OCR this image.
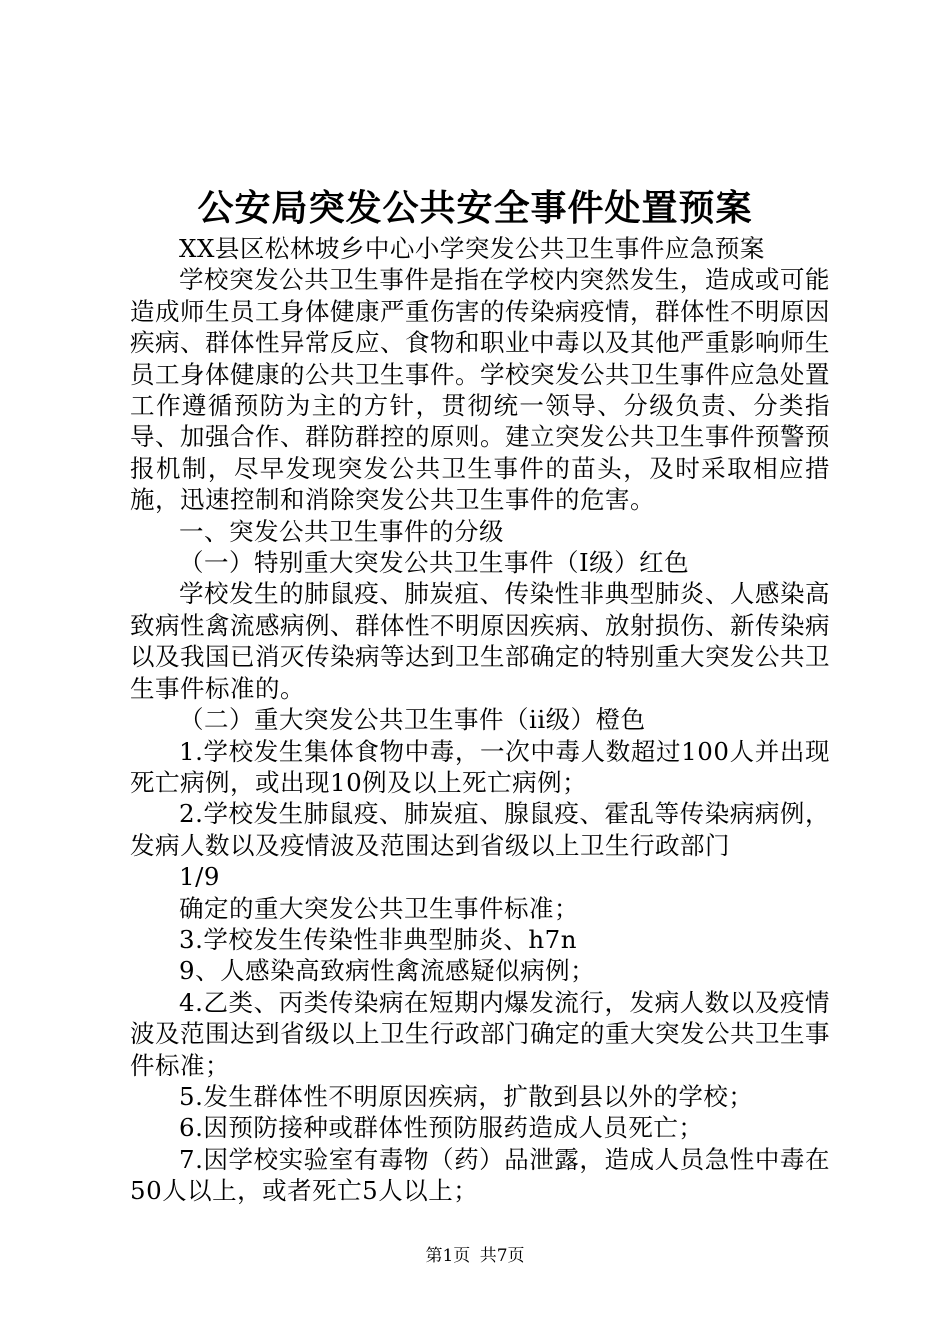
公安局突发公共安全事件处置预案

XX县区松林坡乡中心小学突发公共卫生事件应急预案

学校突发公共卫生事件是指在学校内突然发生，造成或可能造成师生员工身体健康严重伤害的传染病疫情，群体性不明原因疾病、群体性异常反应、食物和职业中毒以及其他严重影响师生员工身体健康的公共卫生事件。学校突发公共卫生事件应急处置工作遵循预防为主的方针，贯彻统一领导、分级负责、分类指导、加强合作、群防群控的原则。建立突发公共卫生事件预警预报机制，尽早发现突发公共卫生事件的苗头，及时采取相应措施，迅速控制和消除突发公共卫生事件的危害。

一、突发公共卫生事件的分级

（一）特别重大突发公共卫生事件（Ⅰ级）红色

学校发生的肺鼠疫、肺炭疽、传染性非典型肺炎、人感染高致病性禽流感病例、群体性不明原因疾病、放射损伤、新传染病以及我国已消灭传染病等达到卫生部确定的特别重大突发公共卫生事件标准的。

（二）重大突发公共卫生事件（ii级）橙色

1.学校发生集体食物中毒，一次中毒人数超过100人并出现死亡病例，或出现10例及以上死亡病例；

2.学校发生肺鼠疫、肺炭疽、腺鼠疫、霍乱等传染病病例，发病人数以及疫情波及范围达到省级以上卫生行政部门

1/9

确定的重大突发公共卫生事件标准；

3.学校发生传染性非典型肺炎、h7n

9、人感染高致病性禽流感疑似病例；

4.乙类、丙类传染病在短期内爆发流行，发病人数以及疫情波及范围达到省级以上卫生行政部门确定的重大突发公共卫生事件标准；

5.发生群体性不明原因疾病，扩散到县以外的学校；

6.因预防接种或群体性预防服药造成人员死亡；

7.因学校实验室有毒物（药）品泄露，造成人员急性中毒在50人以上，或者死亡5人以上；

第1页 共7页
